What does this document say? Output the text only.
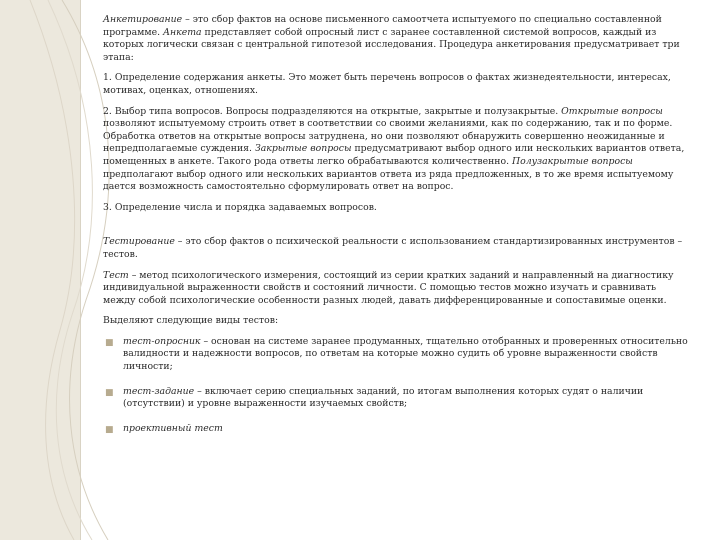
Анкетирование – это сбор фактов на основе письменного самоотчета испытуемого по специально составленной программе. Анкета представляет собой опросный лист с заранее составленной системой вопросов, каждый из которых логически связан с центральной гипотезой исследования. Процедура анкетирования предусматривает три этапа:

1. Определение содержания анкеты. Это может быть перечень вопросов о фактах жизнедеятельности, интересах, мотивах, оценках, отношениях.

2. Выбор типа вопросов. Вопросы подразделяются на открытые, закрытые и полузакрытые. Открытые вопросы позволяют испытуемому строить ответ в соответствии со своими желаниями, как по содержанию, так и по форме. Обработка ответов на открытые вопросы затруднена, но они позволяют обнаружить совершенно неожиданные и непредполагаемые суждения. Закрытые вопросы предусматривают выбор одного или нескольких вариантов ответа, помещенных в анкете. Такого рода ответы легко обрабатываются количественно. Полузакрытые вопросы предполагают выбор одного или нескольких вариантов ответа из ряда предложенных, в то же время испытуемому дается возможность самостоятельно сформулировать ответ на вопрос.

3. Определение числа и порядка задаваемых вопросов.

Тестирование – это сбор фактов о психической реальности с использованием стандартизированных инструментов – тестов.

Тест – метод психологического измерения, состоящий из серии кратких заданий и направленный на диагностику индивидуальной выраженности свойств и состояний личности. С помощью тестов можно изучать и сравнивать между собой психологические особенности разных людей, давать дифференцированные и сопоставимые оценки.

Выделяют следующие виды тестов:

■ тест-опросник – основан на системе заранее продуманных, тщательно отобранных и проверенных относительно валидности и надежности вопросов, по ответам на которые можно судить об уровне выраженности свойств личности;
■ тест-задание – включает серию специальных заданий, по итогам выполнения которых судят о наличии (отсутствии) и уровне выраженности изучаемых свойств;
■ проективный тест
